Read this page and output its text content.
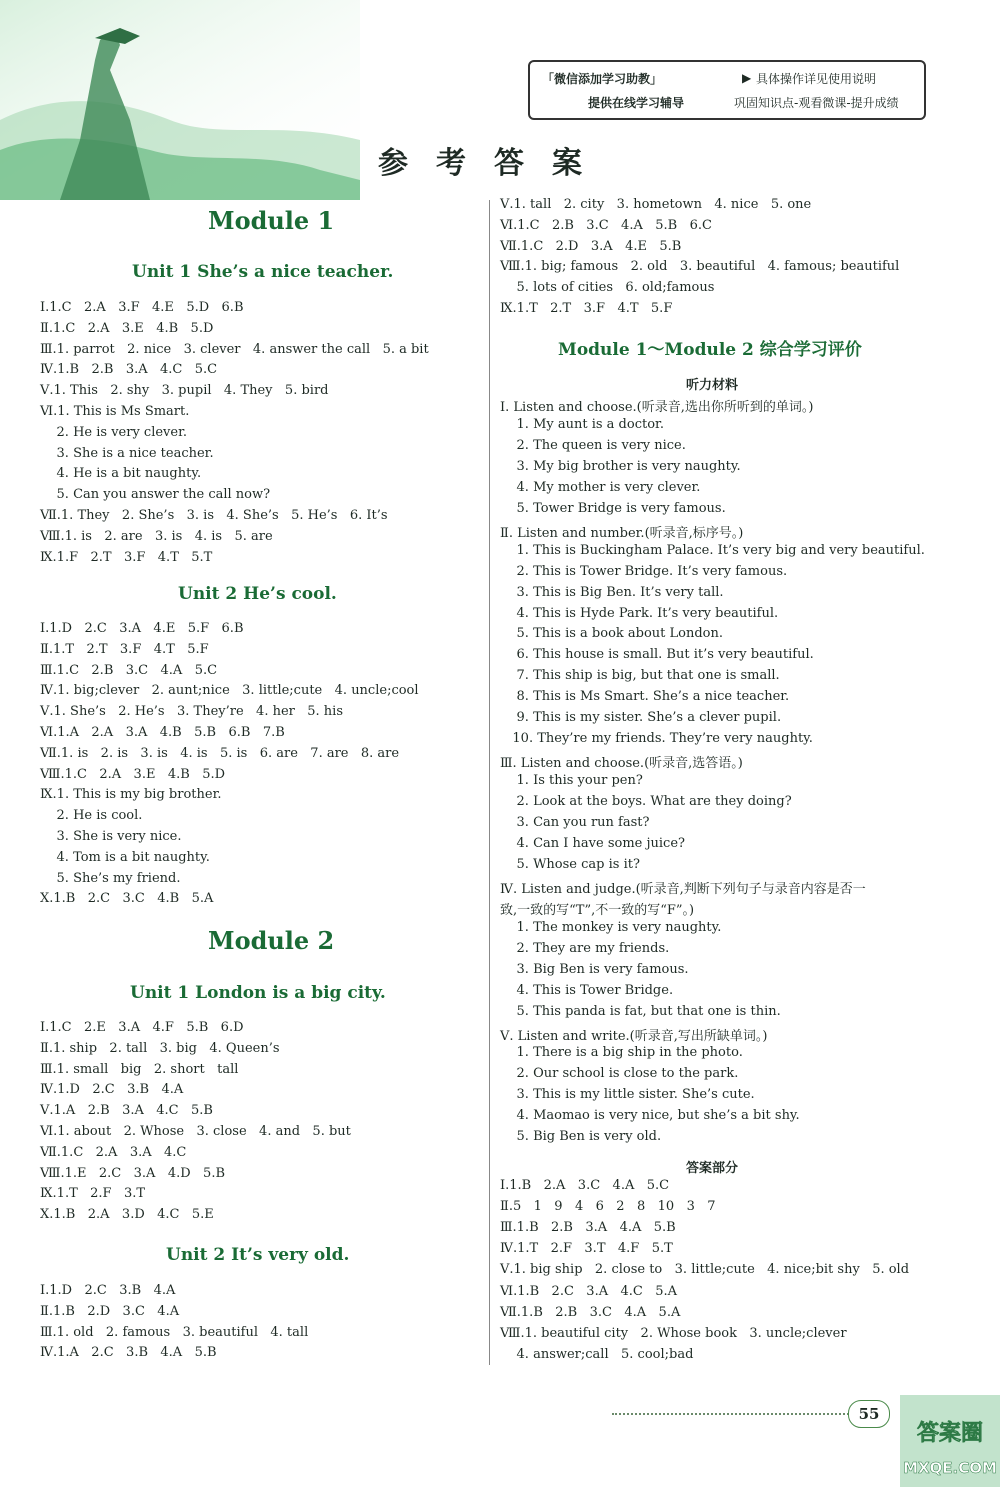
「微信添加学习助教」	▶ 具体操作详见使用说明
提供在线学习辅导	巩固知识点-观看微课-提升成绩
参考答案
Module 1
Unit 1 She’s a nice teacher.
Ⅰ.1.C   2.A   3.F   4.E   5.D   6.B
Ⅱ.1.C   2.A   3.E   4.B   5.D
Ⅲ.1. parrot   2. nice   3. clever   4. answer the call   5. a bit
Ⅳ.1.B   2.B   3.A   4.C   5.C
Ⅴ.1. This   2. shy   3. pupil   4. They   5. bird
Ⅵ.1. This is Ms Smart.
2. He is very clever.
3. She is a nice teacher.
4. He is a bit naughty.
5. Can you answer the call now?
Ⅶ.1. They   2. She’s   3. is   4. She’s   5. He’s   6. It’s
Ⅷ.1. is   2. are   3. is   4. is   5. are
Ⅸ.1.F   2.T   3.F   4.T   5.T
Unit 2 He’s cool.
Ⅰ.1.D   2.C   3.A   4.E   5.F   6.B
Ⅱ.1.T   2.T   3.F   4.T   5.F
Ⅲ.1.C   2.B   3.C   4.A   5.C
Ⅳ.1. big;clever   2. aunt;nice   3. little;cute   4. uncle;cool
Ⅴ.1. She’s   2. He’s   3. They’re   4. her   5. his
Ⅵ.1.A   2.A   3.A   4.B   5.B   6.B   7.B
Ⅶ.1. is   2. is   3. is   4. is   5. is   6. are   7. are   8. are
Ⅷ.1.C   2.A   3.E   4.B   5.D
Ⅸ.1. This is my big brother.
2. He is cool.
3. She is very nice.
4. Tom is a bit naughty.
5. She’s my friend.
Ⅹ.1.B   2.C   3.C   4.B   5.A
Module 2
Unit 1 London is a big city.
Ⅰ.1.C   2.E   3.A   4.F   5.B   6.D
Ⅱ.1. ship   2. tall   3. big   4. Queen’s
Ⅲ.1. small   big   2. short   tall
Ⅳ.1.D   2.C   3.B   4.A
Ⅴ.1.A   2.B   3.A   4.C   5.B
Ⅵ.1. about   2. Whose   3. close   4. and   5. but
Ⅶ.1.C   2.A   3.A   4.C
Ⅷ.1.E   2.C   3.A   4.D   5.B
Ⅸ.1.T   2.F   3.T
Ⅹ.1.B   2.A   3.D   4.C   5.E
Unit 2 It’s very old.
Ⅰ.1.D   2.C   3.B   4.A
Ⅱ.1.B   2.D   3.C   4.A
Ⅲ.1. old   2. famous   3. beautiful   4. tall
Ⅳ.1.A   2.C   3.B   4.A   5.B
Ⅴ.1. tall   2. city   3. hometown   4. nice   5. one
Ⅵ.1.C   2.B   3.C   4.A   5.B   6.C
Ⅶ.1.C   2.D   3.A   4.E   5.B
Ⅷ.1. big; famous   2. old   3. beautiful   4. famous; beautiful
5. lots of cities   6. old;famous
Ⅸ.1.T   2.T   3.F   4.T   5.F
Module 1～Module 2 综合学习评价
听力材料
Ⅰ. Listen and choose.(听录音,选出你所听到的单词。)
1. My aunt is a doctor.
2. The queen is very nice.
3. My big brother is very naughty.
4. My mother is very clever.
5. Tower Bridge is very famous.
Ⅱ. Listen and number.(听录音,标序号。)
1. This is Buckingham Palace. It’s very big and very beautiful.
2. This is Tower Bridge. It’s very famous.
3. This is Big Ben. It’s very tall.
4. This is Hyde Park. It’s very beautiful.
5. This is a book about London.
6. This house is small. But it’s very beautiful.
7. This ship is big, but that one is small.
8. This is Ms Smart. She’s a nice teacher.
9. This is my sister. She’s a clever pupil.
10. They’re my friends. They’re very naughty.
Ⅲ. Listen and choose.(听录音,选答语。)
1. Is this your pen?
2. Look at the boys. What are they doing?
3. Can you run fast?
4. Can I have some juice?
5. Whose cap is it?
Ⅳ. Listen and judge.(听录音,判断下列句子与录音内容是否一
致,一致的写“T”,不一致的写“F”。)
1. The monkey is very naughty.
2. They are my friends.
3. Big Ben is very famous.
4. This is Tower Bridge.
5. This panda is fat, but that one is thin.
Ⅴ. Listen and write.(听录音,写出所缺单词。)
1. There is a big ship in the photo.
2. Our school is close to the park.
3. This is my little sister. She’s cute.
4. Maomao is very nice, but she’s a bit shy.
5. Big Ben is very old.
答案部分
Ⅰ.1.B   2.A   3.C   4.A   5.C
Ⅱ.5   1   9   4   6   2   8   10   3   7
Ⅲ.1.B   2.B   3.A   4.A   5.B
Ⅳ.1.T   2.F   3.T   4.F   5.T
Ⅴ.1. big ship   2. close to   3. little;cute   4. nice;bit shy   5. old
Ⅵ.1.B   2.C   3.A   4.C   5.A
Ⅶ.1.B   2.B   3.C   4.A   5.A
Ⅷ.1. beautiful city   2. Whose book   3. uncle;clever
4. answer;call   5. cool;bad
55
答案圈
MXQE.COM
